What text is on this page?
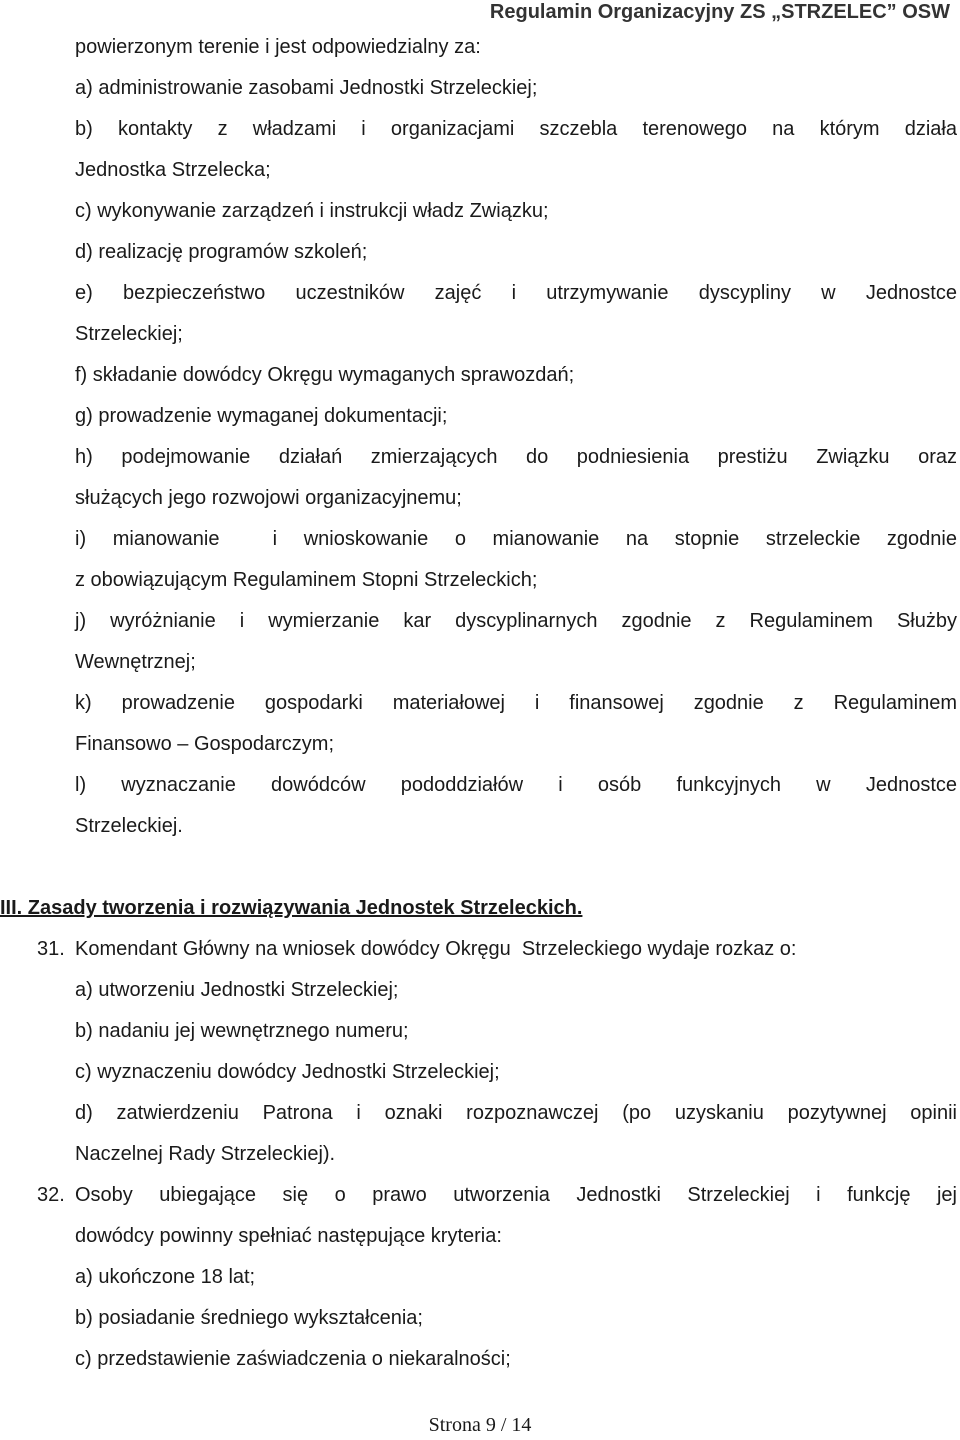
Regulamin Organizacyjny ZS „STRZELEC” OSW
powierzonym terenie i jest odpowiedzialny za:
a) administrowanie zasobami Jednostki Strzeleckiej;
b) kontakty z władzami i organizacjami szczebla terenowego na którym działa
Jednostka Strzelecka;
c) wykonywanie zarządzeń i instrukcji władz Związku;
d) realizację programów szkoleń;
e) bezpieczeństwo uczestników zajęć i utrzymywanie dyscypliny w Jednostce
Strzeleckiej;
f) składanie dowódcy Okręgu wymaganych sprawozdań;
g) prowadzenie wymaganej dokumentacji;
h) podejmowanie działań zmierzających do podniesienia prestiżu Związku oraz
służących jego rozwojowi organizacyjnemu;
i) mianowanie  i wnioskowanie o mianowanie na stopnie strzeleckie zgodnie
z obowiązującym Regulaminem Stopni Strzeleckich;
j) wyróżnianie i wymierzanie kar dyscyplinarnych zgodnie z Regulaminem Służby
Wewnętrznej;
k) prowadzenie gospodarki materiałowej i finansowej zgodnie z Regulaminem
Finansowo – Gospodarczym;
l) wyznaczanie dowódców pododdziałów i osób funkcyjnych w Jednostce
Strzeleckiej.
III. Zasady tworzenia i rozwiązywania Jednostek Strzeleckich.
31. Komendant Główny na wniosek dowódcy Okręgu  Strzeleckiego wydaje rozkaz o:
a) utworzeniu Jednostki Strzeleckiej;
b) nadaniu jej wewnętrznego numeru;
c) wyznaczeniu dowódcy Jednostki Strzeleckiej;
d) zatwierdzeniu Patrona i oznaki rozpoznawczej (po uzyskaniu pozytywnej opinii
Naczelnej Rady Strzeleckiej).
32. Osoby ubiegające się o prawo utworzenia Jednostki Strzeleckiej i funkcję jej
dowódcy powinny spełniać następujące kryteria:
a) ukończone 18 lat;
b) posiadanie średniego wykształcenia;
c) przedstawienie zaświadczenia o niekaralności;
Strona 9 / 14
